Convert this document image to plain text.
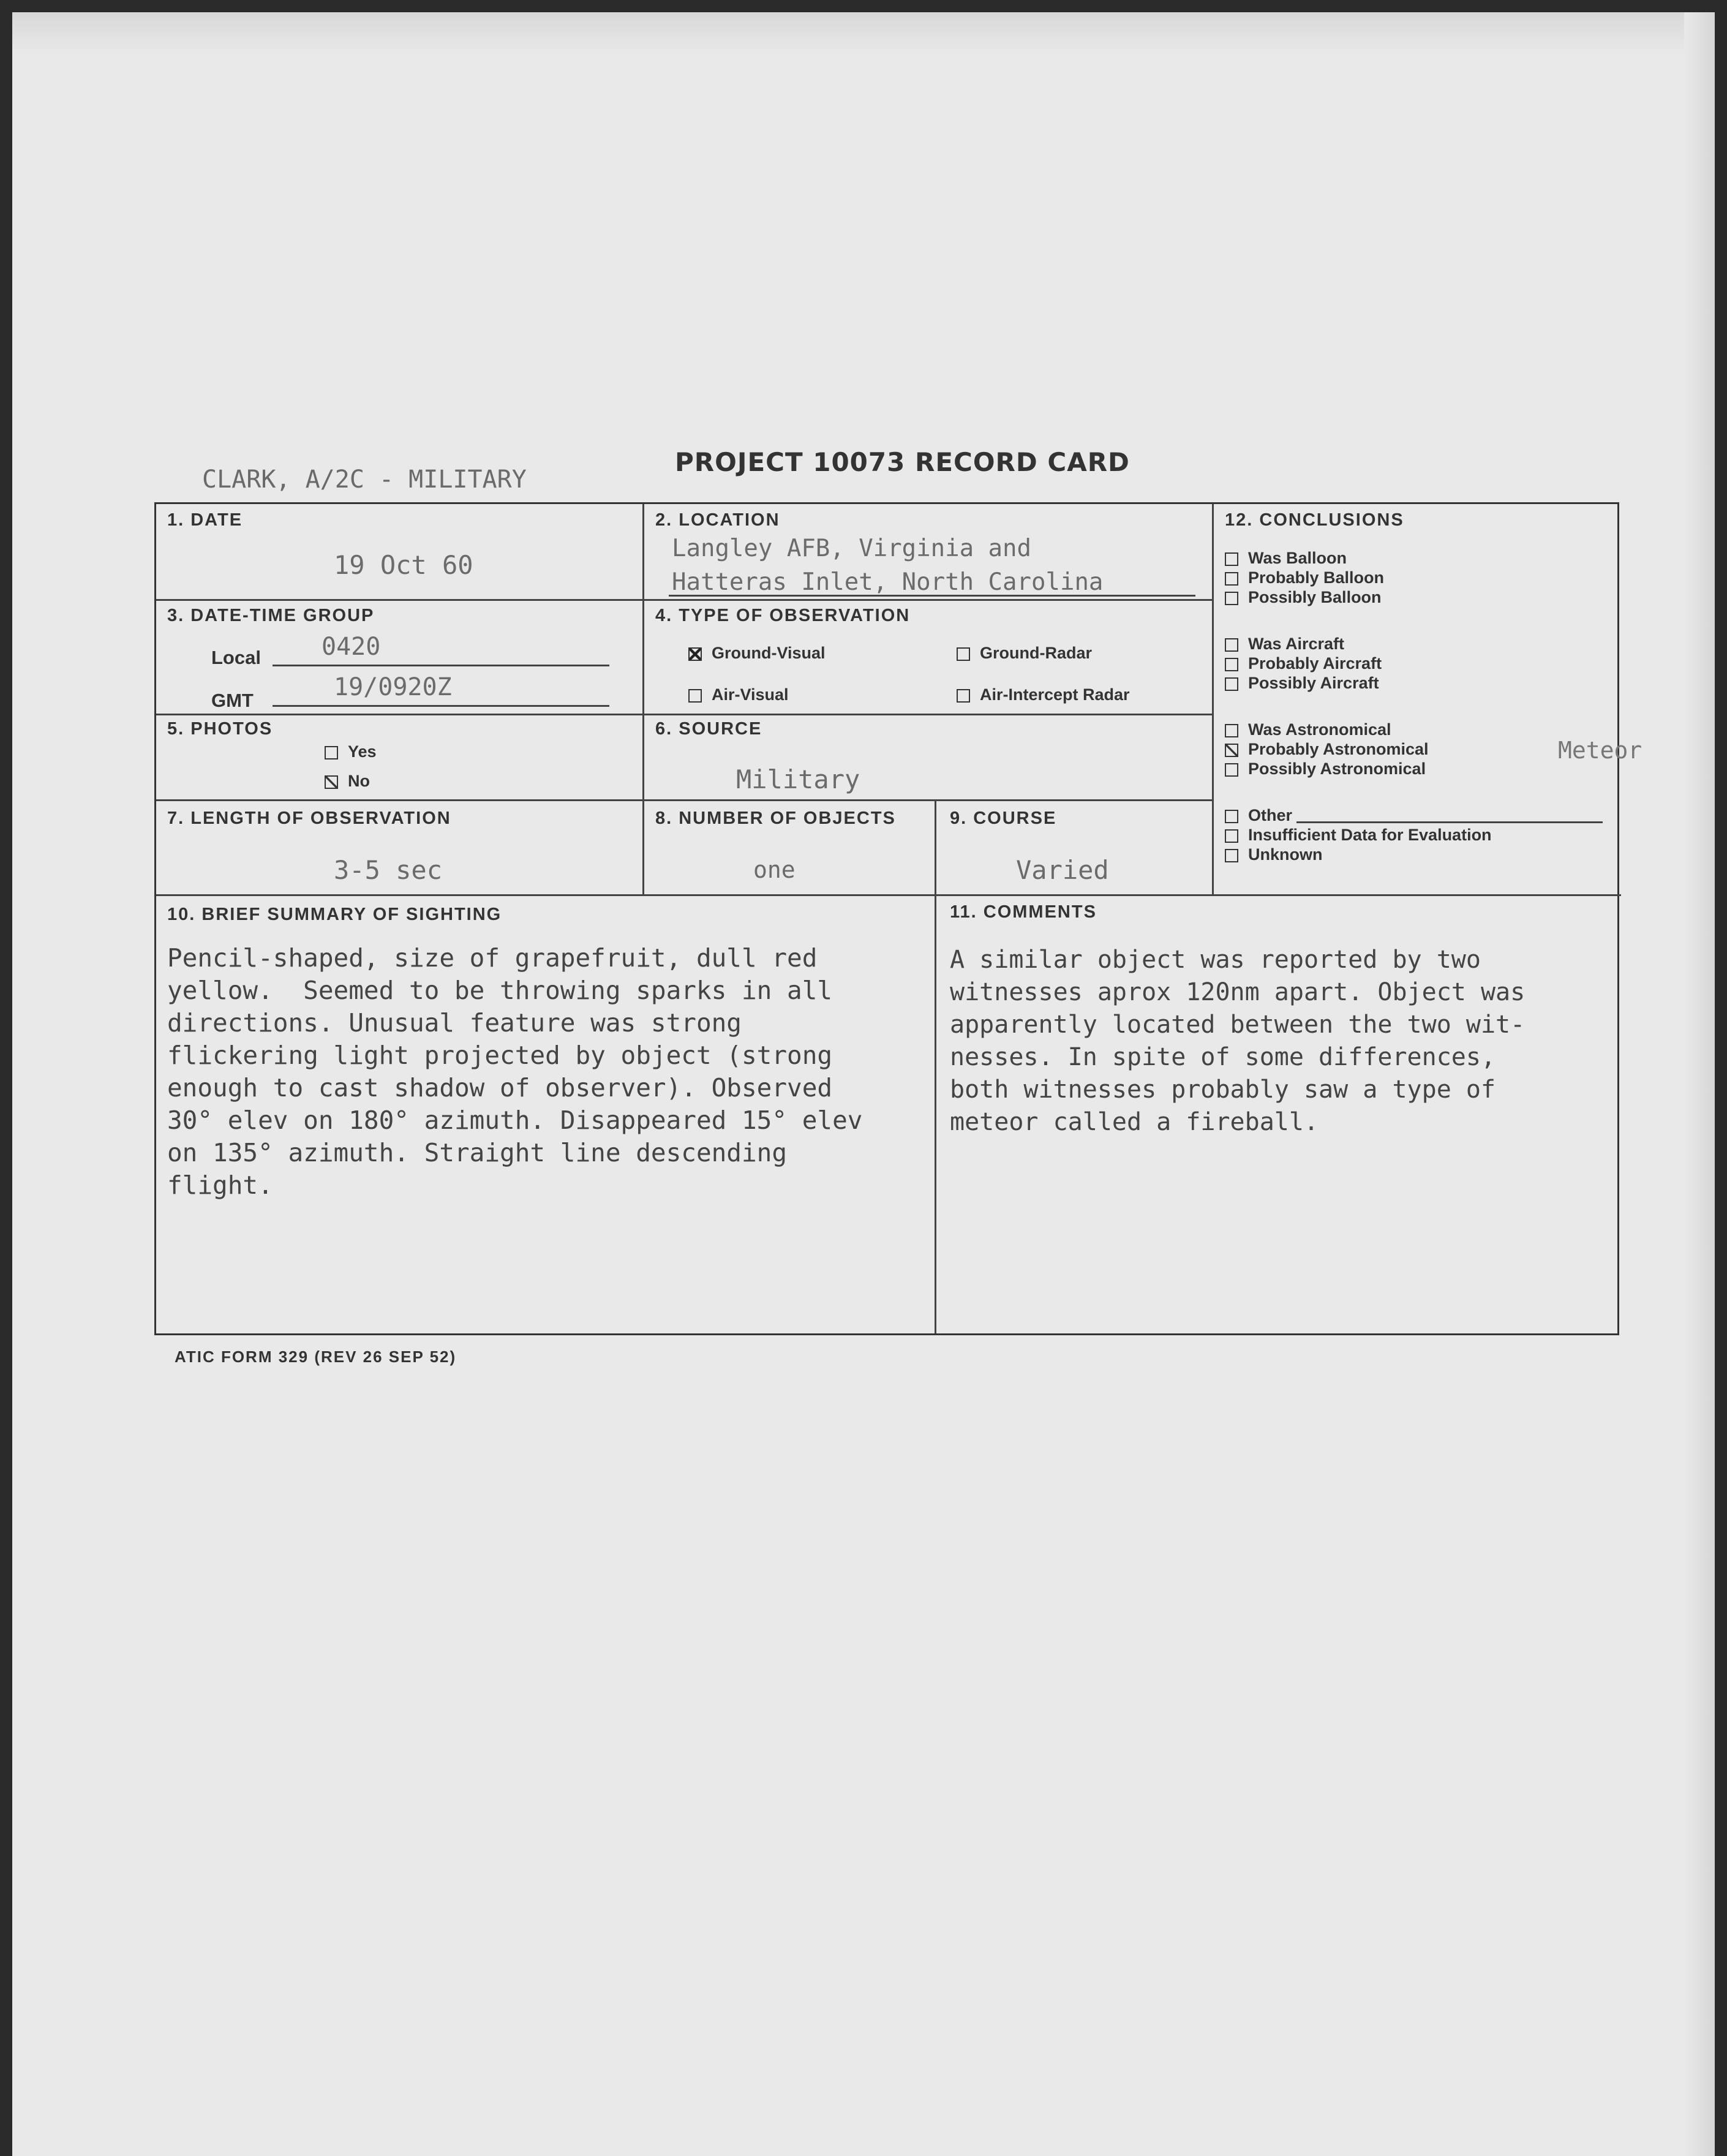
CLARK, A/2C - MILITARY
PROJECT 10073 RECORD CARD
1. DATE
19 Oct 60
2. LOCATION
Langley AFB, Virginia and
Hatteras Inlet, North Carolina
12. CONCLUSIONS
Was Balloon
Probably Balloon
Possibly Balloon
Was Aircraft
Probably Aircraft
Possibly Aircraft
Was Astronomical
Probably Astronomical
Possibly Astronomical
Meteor
Other
Insufficient Data for Evaluation
Unknown
3. DATE-TIME GROUP
Local 0420
GMT	19/0920Z
4. TYPE OF OBSERVATION
Ground-Visual	Ground-Radar
Air-Visual	Air-Intercept Radar
5. PHOTOS
Yes
No
6. SOURCE
Military
7. LENGTH OF OBSERVATION
3-5 sec
8. NUMBER OF OBJECTS
one
9. COURSE
Varied
10. BRIEF SUMMARY OF SIGHTING
Pencil-shaped, size of grapefruit, dull red
yellow.  Seemed to be throwing sparks in all
directions. Unusual feature was strong
flickering light projected by object (strong
enough to cast shadow of observer). Observed
30° elev on 180° azimuth. Disappeared 15° elev
on 135° azimuth. Straight line descending
flight.
11. COMMENTS
A similar object was reported by two
witnesses aprox 120nm apart. Object was
apparently located between the two wit-
nesses. In spite of some differences,
both witnesses probably saw a type of
meteor called a fireball.
ATIC FORM 329 (REV 26 SEP 52)
